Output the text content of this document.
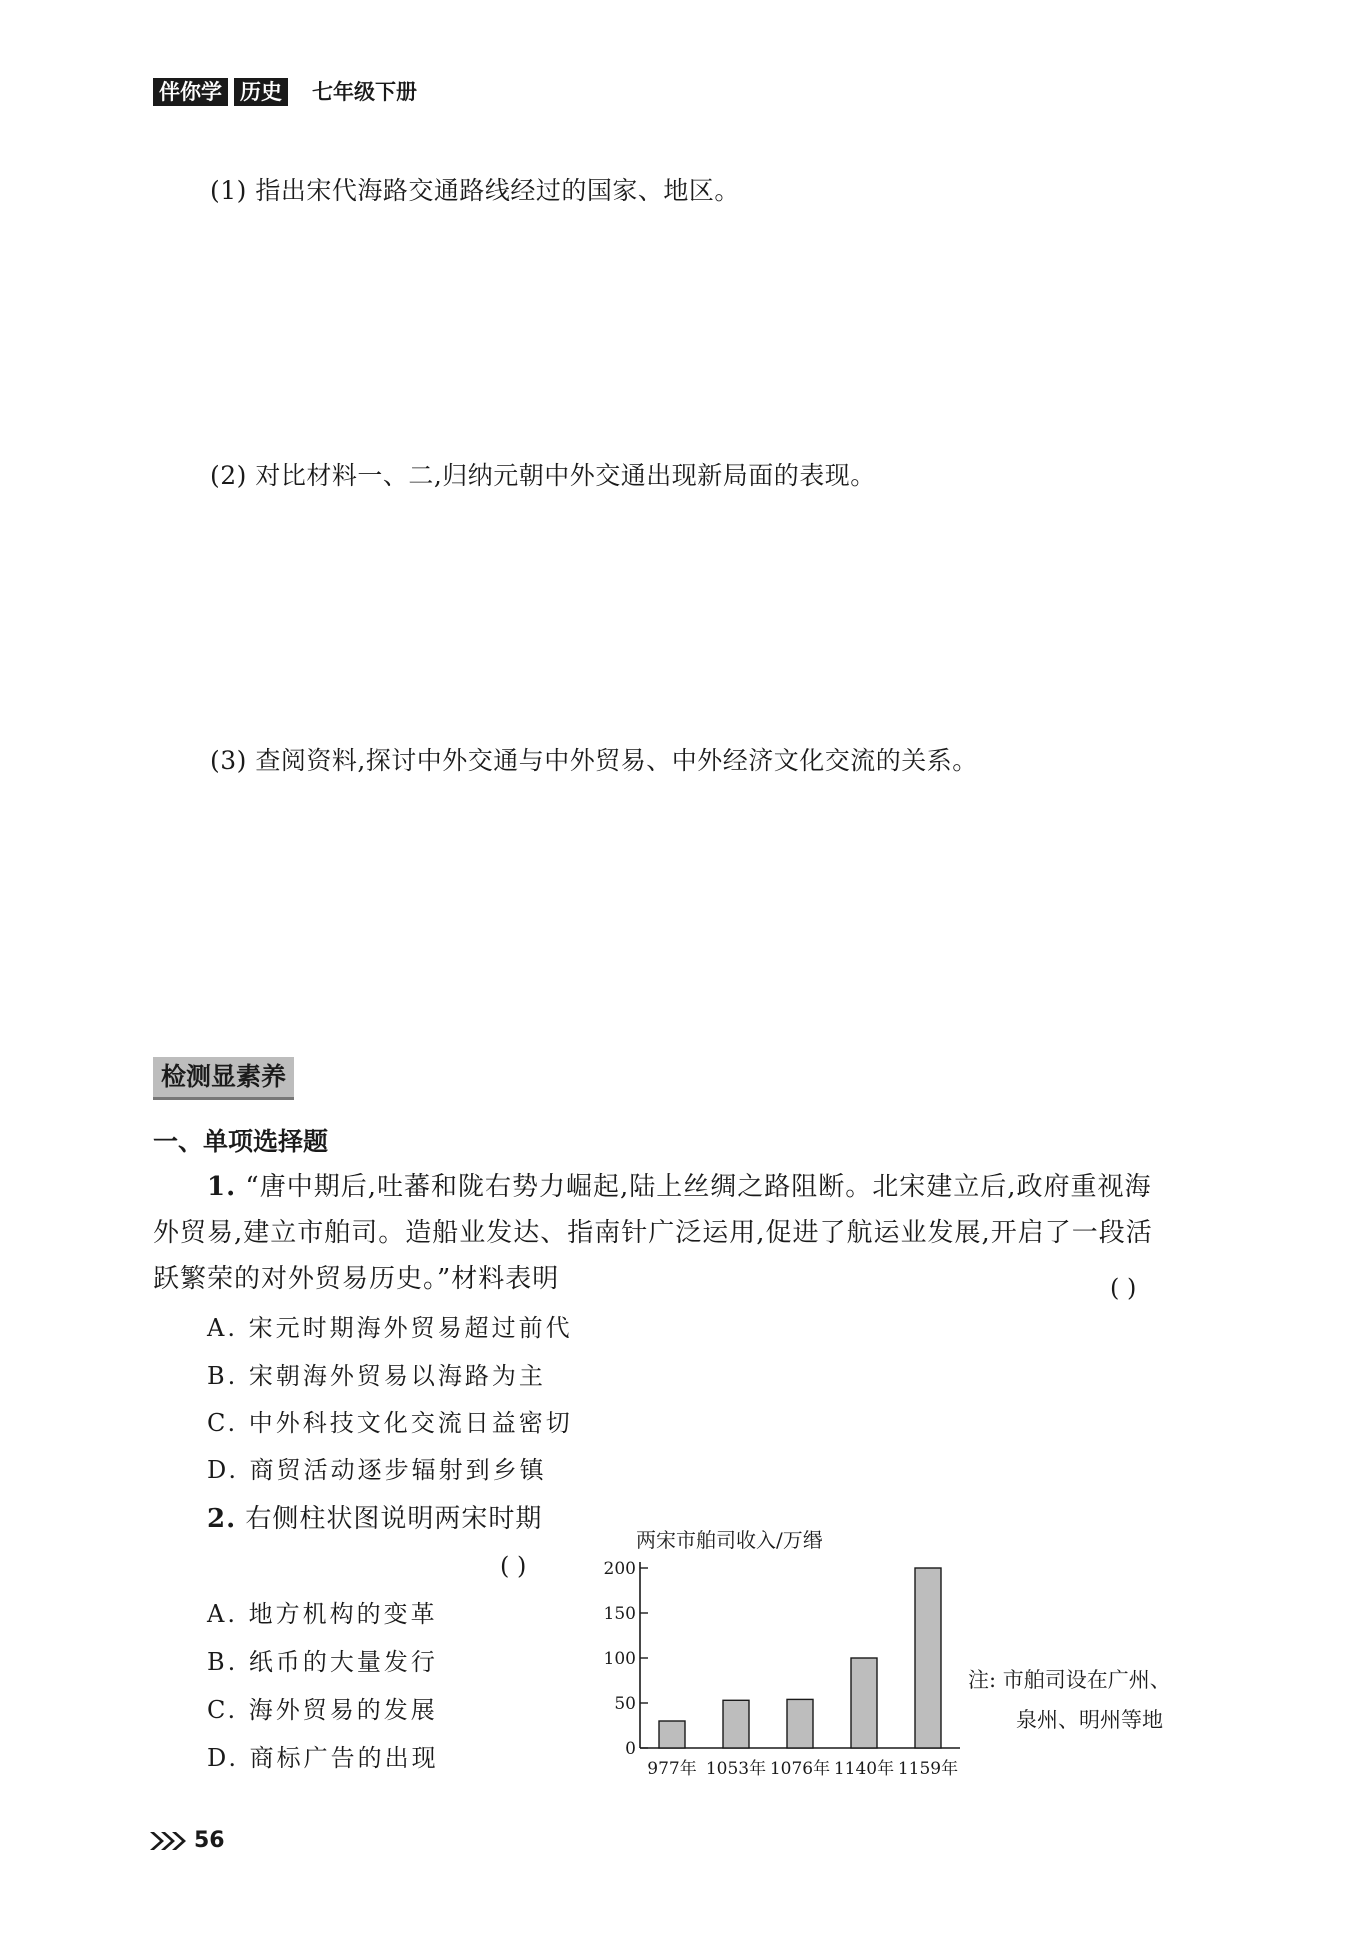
伴你学 历史 七年级下册
(1) 指出宋代海路交通路线经过的国家、地区。
(2) 对比材料一、二,归纳元朝中外交通出现新局面的表现。
(3) 查阅资料,探讨中外交通与中外贸易、中外经济文化交流的关系。
检测显素养
一、单项选择题
1. “唐中期后,吐蕃和陇右势力崛起,陆上丝绸之路阻断。北宋建立后,政府重视海
外贸易,建立市舶司。造船业发达、指南针广泛运用,促进了航运业发展,开启了一段活
跃繁荣的对外贸易历史。”材料表明	( )
A. 宋元时期海外贸易超过前代
B. 宋朝海外贸易以海路为主
C. 中外科技文化交流日益密切
D. 商贸活动逐步辐射到乡镇
2. 右侧柱状图说明两宋时期
( )
A. 地方机构的变革
B. 纸币的大量发行
C. 海外贸易的发展
D. 商标广告的出现
两宋市舶司收入/万缗
0
50
100
150
200
977年 1053年 1076年 1140年 1159年
注: 市舶司设在广州、
泉州、明州等地
56
